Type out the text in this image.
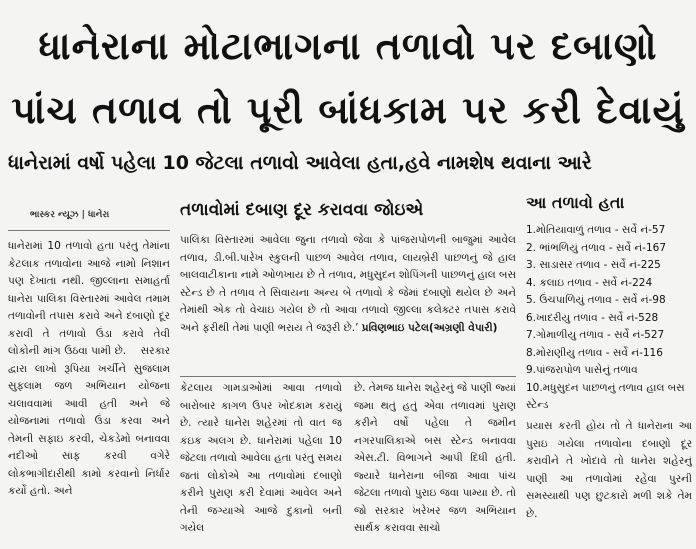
ધાનેરાના મોટાભાગના તળાવો પર દબાણો
પાંચ તળાવ તો પૂરી બાંધકામ પર કરી દેવાયું
ધાનેરામાં વર્ષો પહેલા 10 જેટલા તળાવો આવેલા હતા,હવે નામશેષ થવાના આરે
ભાસ્કર ન્યૂઝ | ધાનેરા	તળાવોમાં દબાણ દૂર કરાવવા જોઇએ
ધાનેરામાં 10 તળાવો હતા પરંતુ તેમાંના કેટલાક તળાવોના આજે નામો નિશાન પણ દેખાતા નથી. જીલ્લાના સમાહર્તા ધાનેરા પાલિકા વિસ્તારમાં આવેલ તમામ તળાવોની તપાસ કરાવે અને દબાણો દૂર કરાવી તે તળાવો ઉંડા કરાવે તેવી લોકોની માંગ ઉઠવા પામી છે.    સરકાર દ્વારા લાખો રૂપિયા ખર્ચીને સુજલામ સુફલામ જળ અભિયાન યોજના ચલાવવામાં આવી હતી અને જે યોજનામાં તળાવો ઉંડા કરવા અને તેમની સફાઇ કરવી, ચેકડેમો બનાવવા નદીઓ સાફ કરવી વગેરે લોકભાગીદારીથી કામો કરવાનો નિર્ધાર કર્યો હતો. અને
પાલિકા વિસ્તારમાં આવેલા જુના તળાવો જેવા કે પાંજરાપોળની બાજુમાં આવેલ તળાવ, ડી.બી.પારેખ સ્કુલની પાછળ આવેલ તળાવ, લાયબ્રેરી પાછળનું જે હાલ બાલવાટીકાના નામે ઓળખાય છે તે તળાવ, મધુસુદન શોપિંગની પાછળનું હાલ બસ સ્ટેન્ડ છે તે તળાવ તે સિવાયના અન્ય બે તળાવો કે જેમાં દબાણો થયેલ છે અને તેમાંથી એક તો વેચાઇ ગયેલ છે તો આવા તળાવો જીલ્લા કલેક્ટર તપાસ કરાવે અને ફરીથી તેમાં પાણી ભરાય તે જરૂરી છે.’ પ્રવિણભાઇ પટેલ(અગ્રણી વેપારી)
કેટલાય ગામડાઓમાં આવા તળાવો બારોબાર કાગળ ઉપર ખોદકામ કરાયું છે. ત્યારે ધાનેરા શહેરમાં તો વાત જ કંઇક અલગ છે. ધાનેરામાં પહેલા 10 જેટલા તળાવો આવેલા હતા પરંતુ સમય જતાં લોકોએ આ તળાવોમાં દબાણો કરીને પુરાણ કરી દેવામાં આવેલ અને તેની જગ્યાએ આજે દુકાનો બની ગયેલ
છે. તેમજ ધાનેરા શહેરનું જે પાણી જ્યાં જમા થતું હતું એવા તળાવમાં પુરાણ કરીને વર્ષો પહેલા તે જમીન નગરપાલિકાએ બસ સ્ટેન્ડ બનાવવા એસ.ટી. વિભાગને આપી દિધી હતી. જ્યારે ધાનેરાના બીજા આવા પાંચ જેટલા તળાવો પુરાઇ જવા પામ્યા છે. તો જો સરકાર ખરેખર જળ અભિયાન સાર્થક કરાવવા સાચો
આ તળાવો હતા
1.મોતિયાવાળું તળાવ - સર્વે નં-57
2. ભાંભળિયું તળાવ - સર્વે નં-167
3. સાડાસર તળાવ - સર્વે નં-225
4. કલાઇ તળાવ - સર્વે નં-224
5. ઉંચપાળિયું તળાવ - સર્વે નં-98
6.ખાદરીયુ તળાવ - સર્વે નં-528
7.ગોમાળીયુ તળાવ - સર્વે નં-527
8.મોરાણીયુ તળાવ - સર્વે નં-116
9.પાંજરાપોળ પાસેનું તળાવ
10.મધુસુદન પાછળનું તળાવ હાલ બસ સ્ટેન્ડ
પ્રયાસ કરતી હોય તો તે ધાનેરાના આ પુરાઇ ગયેલા તળાવોના દબાણો દૂર કરાવીને તે ખોદાવે તો ધાનેરા શહેરનું પાણી આ તળાવોમાં રહેવા પુરની સમસ્યાથી પણ છુટકારો મળી શકે તેમ છે.
